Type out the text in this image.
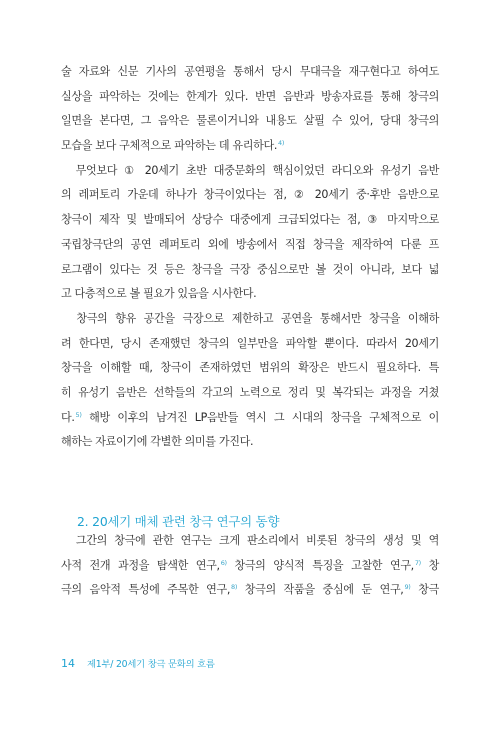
술 자료와 신문 기사의 공연평을 통해서 당시 무대극을 재구현다고 하여도
실상을 파악하는 것에는 한계가 있다. 반면 음반과 방송자료를 통해 창극의
일면을 본다면, 그 음악은 물론이거니와 내용도 살필 수 있어, 당대 창극의
모습을 보다 구체적으로 파악하는 데 유리하다.$^{4)}$
　무엇보다 ① 20세기 초반 대중문화의 핵심이었던 라디오와 유성기 음반
의 레퍼토리 가운데 하나가 창극이었다는 점, ② 20세기 중·후반 음반으로
창극이 제작 및 발매되어 상당수 대중에게 크급되었다는 점, ③ 마지막으로
국립창극단의 공연 레퍼토리 외에 방송에서 직접 창극을 제작하여 다룬 프
로그램이 있다는 것 등은 창극을 극장 중심으로만 볼 것이 아니라, 보다 넓
고 다층적으로 볼 필요가 있음을 시사한다.
　창극의 향유 공간을 극장으로 제한하고 공연을 통해서만 창극을 이해하
려 한다면, 당시 존재했던 창극의 일부만을 파악할 뿐이다. 따라서 20세기
창극을 이해할 때, 창극이 존재하였던 범위의 확장은 반드시 필요하다. 특
히 유성기 음반은 선학들의 각고의 노력으로 정리 및 복각되는 과정을 거쳤
다.$^{5)}$ 해방 이후의 남겨진 LP음반들 역시 그 시대의 창극을 구체적으로 이
해하는 자료이기에 각별한 의미를 가진다.
2. 20세기 매체 관련 창극 연구의 동향
　그간의 창극에 관한 연구는 크게 판소리에서 비롯된 창극의 생성 및 역
사적 전개 과정을 탐색한 연구,$^{6)}$ 창극의 양식적 특징을 고찰한 연구,$^{7)}$ 창
극의 음악적 특성에 주목한 연구,$^{8)}$ 창극의 작품을 중심에 둔 연구,$^{9)}$ 창극
14 제1부/ 20세기 창극 문화의 흐름
